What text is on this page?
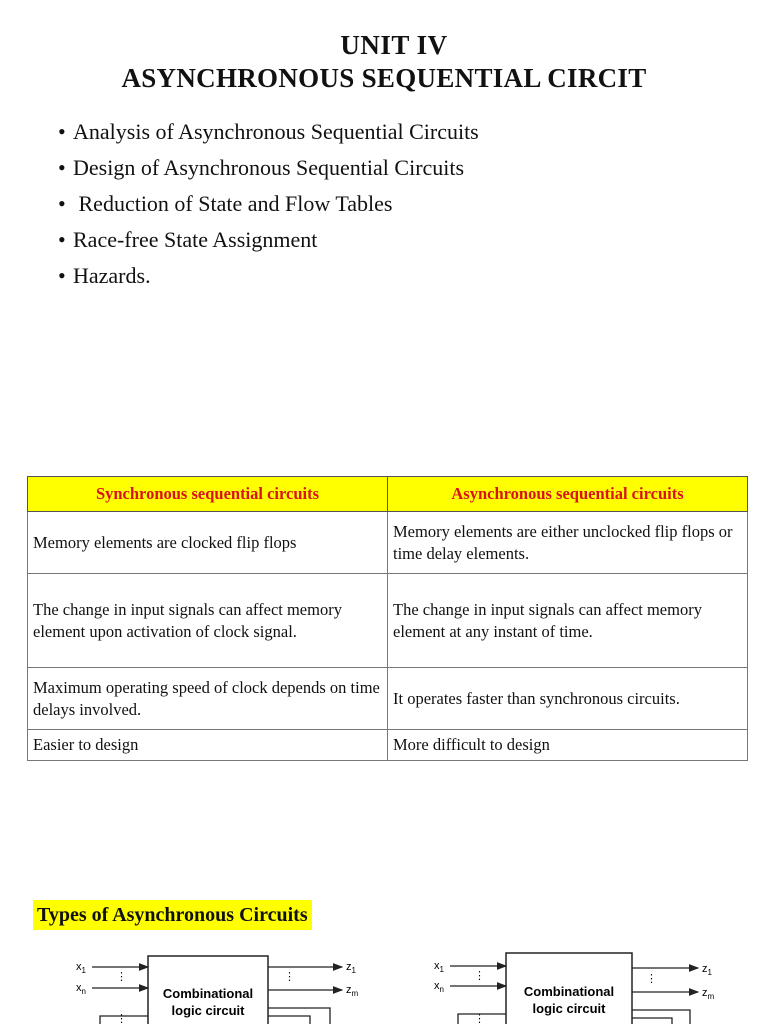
UNIT IV
ASYNCHRONOUS SEQUENTIAL CIRCIT
• Analysis of Asynchronous Sequential Circuits
• Design of Asynchronous Sequential Circuits
• Reduction of State and Flow Tables
• Race-free State Assignment
• Hazards.
Synchronous sequential circuits	Asynchronous sequential circuits
Memory elements are clocked flip flops	Memory elements are either unclocked flip flops or time delay elements.
The change in input signals can affect memory element upon activation of clock signal.	The change in input signals can affect memory element at any instant of time.
Maximum operating speed of clock depends on time delays involved.	It operates faster than synchronous circuits.
Easier to design	More difficult to design
Types of Asynchronous Circuits
Combinational
logic circuit
$x_1$
⋮
$x_n$
$z_1$
⋮
$z_m$
⋮
Combinational
logic circuit
$x_1$
⋮
$x_n$
$z_1$
⋮
$z_m$
⋮
